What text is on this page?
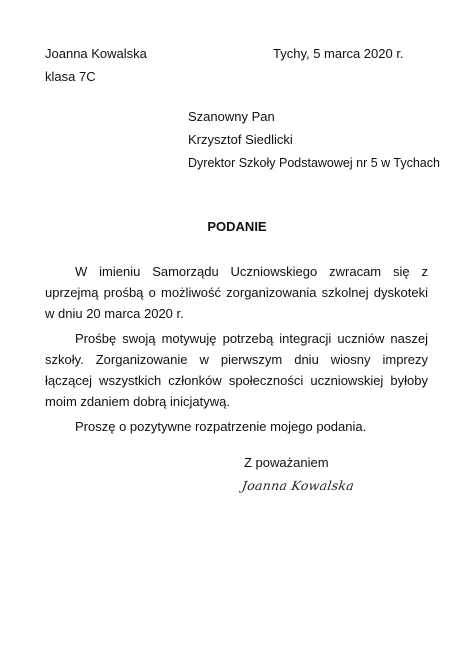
Joanna Kowalska
klasa 7C
Tychy, 5 marca 2020 r.
Szanowny Pan
Krzysztof Siedlicki
Dyrektor Szkoły Podstawowej nr 5 w Tychach
PODANIE

W imieniu Samorządu Uczniowskiego zwracam się z uprzejmą prośbą o możliwość zorganizowania szkolnej dyskoteki w dniu 20 marca 2020 r.

Prośbę swoją motywuję potrzebą integracji uczniów naszej szkoły. Zorganizowanie w pierwszym dniu wiosny imprezy łączącej wszystkich członków społeczności uczniowskiej byłoby moim zdaniem dobrą inicjatywą.

Proszę o pozytywne rozpatrzenie mojego podania.

Z poważaniem
Joanna Kowalska
